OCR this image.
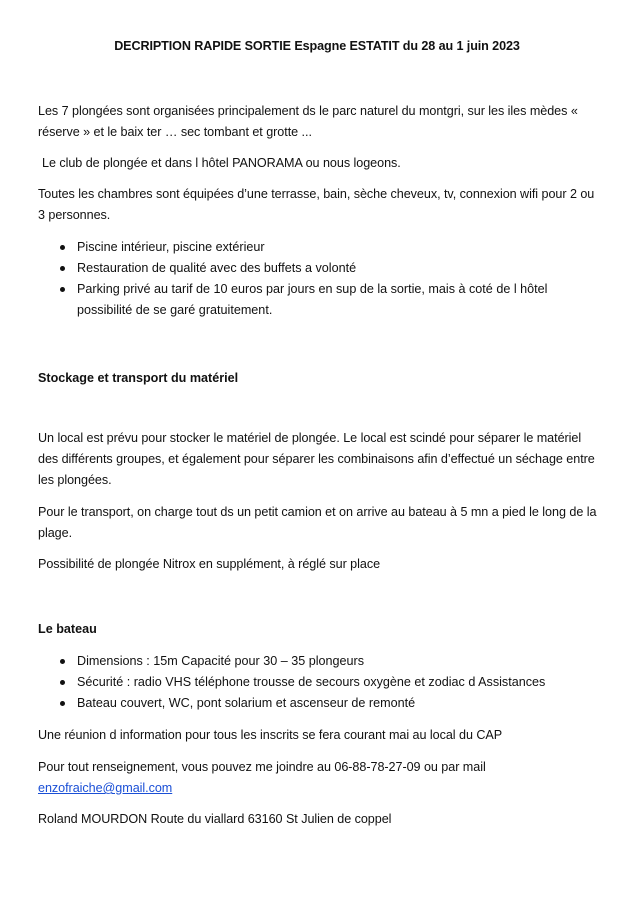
DECRIPTION RAPIDE SORTIE Espagne ESTATIT du 28 au 1 juin 2023
Les 7 plongées sont organisées principalement ds le parc naturel du montgri, sur les iles mèdes « réserve » et le baix ter … sec tombant et grotte ...
Le club de plongée et dans l hôtel PANORAMA ou nous logeons.
Toutes les chambres sont équipées d’une terrasse, bain, sèche cheveux, tv, connexion wifi pour 2 ou 3 personnes.
Piscine intérieur, piscine extérieur
Restauration de qualité avec des buffets a volonté
Parking privé au tarif de 10 euros par jours en sup de la sortie, mais à coté de l hôtel possibilité de se garé gratuitement.
Stockage et transport du matériel
Un local est prévu pour stocker le matériel de plongée. Le local est scindé pour séparer le matériel des différents groupes, et également pour séparer les combinaisons afin d’effectué un séchage entre les plongées.
Pour le transport, on charge tout ds un petit camion et on arrive au bateau à 5 mn a pied le long de la plage.
Possibilité de plongée Nitrox en supplément, à réglé sur place
Le bateau
Dimensions : 15m Capacité pour 30 – 35 plongeurs
Sécurité : radio VHS téléphone trousse de secours oxygène et zodiac d Assistances
Bateau couvert, WC, pont solarium et ascenseur de remonté
Une réunion d information pour tous les inscrits se fera courant mai au local du CAP
Pour tout renseignement, vous pouvez me joindre au 06-88-78-27-09 ou par mail
enzofraiche@gmail.com
Roland MOURDON Route du viallard 63160 St Julien de coppel
